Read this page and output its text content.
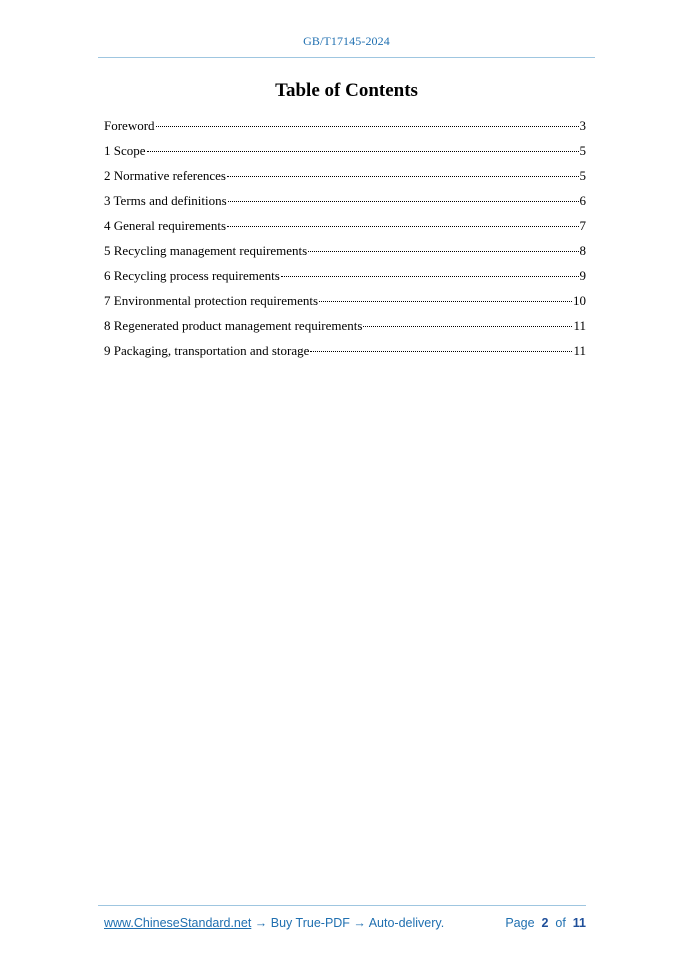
GB/T17145-2024
Table of Contents
Foreword	3
1 Scope	5
2 Normative references	5
3 Terms and definitions	6
4 General requirements	7
5 Recycling management requirements	8
6 Recycling process requirements	9
7 Environmental protection requirements	10
8 Regenerated product management requirements	11
9 Packaging, transportation and storage	11
www.ChineseStandard.net → Buy True-PDF → Auto-delivery.	Page 2 of 11
